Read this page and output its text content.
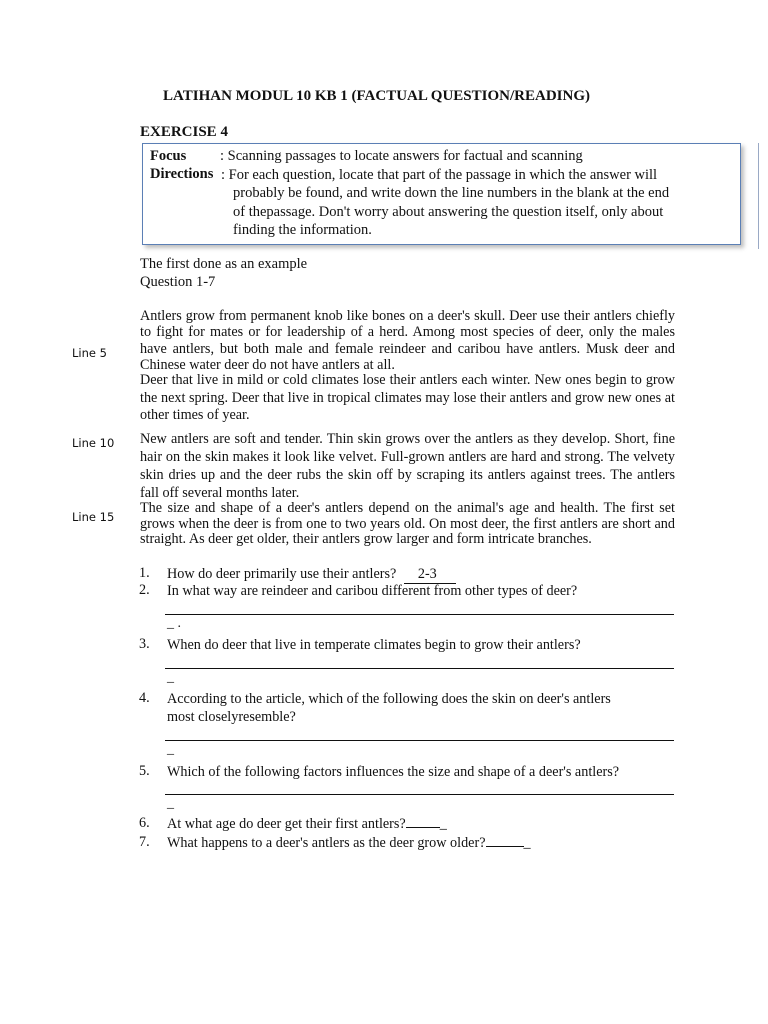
LATIHAN MODUL 10 KB 1 (FACTUAL QUESTION/READING)
EXERCISE 4
Focus : Scanning passages to locate answers for factual and scanning
Directions : For each question, locate that part of the passage in which the answer will
probably be found, and write down the line numbers in the blank at the end
of thepassage. Don't worry about answering the question itself, only about
finding the information.
The first done as an example
Question 1-7
Antlers grow from permanent knob like bones on a deer's skull. Deer use their antlers chiefly to fight for mates or for leadership of a herd. Among most species of deer, only the males have antlers, but both male and female reindeer and caribou have antlers. Musk deer and Chinese water deer do not have antlers at all.
Deer that live in mild or cold climates lose their antlers each winter. New ones begin to grow the next spring. Deer that live in tropical climates may lose their antlers and grow new ones at other times of year.
New antlers are soft and tender. Thin skin grows over the antlers as they develop. Short, fine hair on the skin makes it look like velvet. Full-grown antlers are hard and strong. The velvety skin dries up and the deer rubs the skin off by scraping its antlers against trees. The antlers fall off several months later.
The size and shape of a deer's antlers depend on the animal's age and health. The first set grows when the deer is from one to two years old. On most deer, the first antlers are short and straight. As deer get older, their antlers grow larger and form intricate branches.
Line 5
Line 10
Line 15
1. How do deer primarily use their antlers? 2-3
2. In what way are reindeer and caribou different from other types of deer?
_ .
3. When do deer that live in temperate climates begin to grow their antlers?
_
4. According to the article, which of the following does the skin on deer's antlers
most closelyresemble?
_
5. Which of the following factors influences the size and shape of a deer's antlers?
_
6. At what age do deer get their first antlers? _
7. What happens to a deer's antlers as the deer grow older?	_
